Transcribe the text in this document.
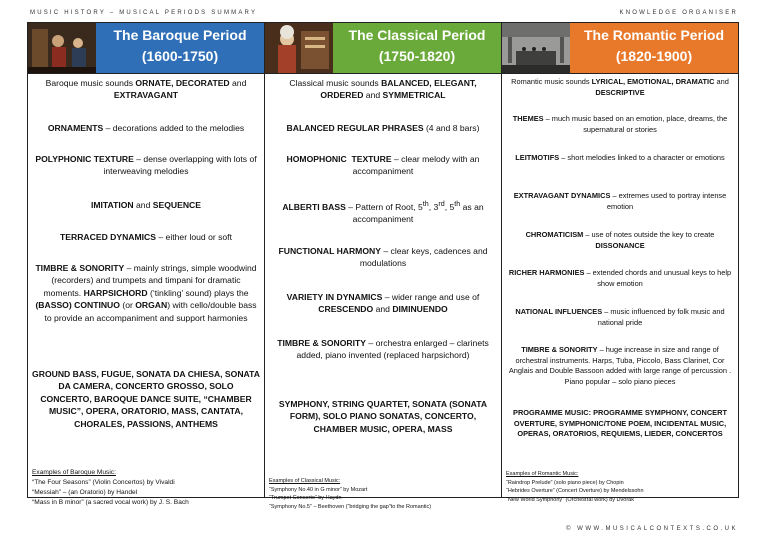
MUSIC HISTORY – MUSICAL PERIODS SUMMARY	KNOWLEDGE ORGANISER
The Baroque Period
(1600-1750)
Baroque music sounds ORNATE, DECORATED and EXTRAVAGANT
ORNAMENTS – decorations added to the melodies
POLYPHONIC TEXTURE – dense overlapping with lots of interweaving melodies
IMITATION and SEQUENCE
TERRACED DYNAMICS – either loud or soft
TIMBRE & SONORITY – mainly strings, simple woodwind (recorders) and trumpets and timpani for dramatic moments. HARPSICHORD (‘tinkling’ sound) plays the (BASSO) CONTINUO (or ORGAN) with cello/double bass to provide an accompaniment and support harmonies
GROUND BASS, FUGUE, SONATA DA CHIESA, SONATA DA CAMERA, CONCERTO GROSSO, SOLO CONCERTO, BAROQUE DANCE SUITE, “CHAMBER MUSIC”, OPERA, ORATORIO, MASS, CANTATA, CHORALES, PASSIONS, ANTHEMS
Examples of Baroque Music:
“The Four Seasons” (Violin Concertos) by Vivaldi
“Messiah” – (an Oratorio) by Handel
“Mass in B minor” (a sacred vocal work) by J. S. Bach
The Classical Period
(1750-1820)
Classical music sounds BALANCED, ELEGANT, ORDERED and SYMMETRICAL
BALANCED REGULAR PHRASES (4 and 8 bars)
HOMOPHONIC  TEXTURE – clear melody with an accompaniment
ALBERTI BASS – Pattern of Root, 5th, 3rd, 5th as an accompaniment
FUNCTIONAL HARMONY – clear keys, cadences and modulations
VARIETY IN DYNAMICS – wider range and use of CRESCENDO and DIMINUENDO
TIMBRE & SONORITY – orchestra enlarged – clarinets added, piano invented (replaced harpsichord)
SYMPHONY, STRING QUARTET, SONATA (SONATA FORM), SOLO PIANO SONATAS, CONCERTO, CHAMBER MUSIC, OPERA, MASS
Examples of Classical Music:
“Symphony No.40 in G minor” by Mozart
“Trumpet Concerto” by Haydn
“Symphony No.5” – Beethoven (“bridging the gap”to the Romantic)
The Romantic Period
(1820-1900)
Romantic music sounds LYRICAL, EMOTIONAL, DRAMATIC and DESCRIPTIVE
THEMES – much music based on an emotion, place, dreams, the supernatural or stories
LEITMOTIFS – short melodies linked to a character or emotions
EXTRAVAGANT DYNAMICS – extremes used to portray intense emotion
CHROMATICISM – use of notes outside the key to create DISSONANCE
RICHER HARMONIES – extended chords and unusual keys to help show emotion
NATIONAL INFLUENCES – music influenced by folk music and national pride
TIMBRE & SONORITY – huge increase in size and range of orchestral instruments. Harps, Tuba, Piccolo, Bass Clarinet, Cor Anglais and Double Bassoon added with large range of percussion . Piano popular – solo piano pieces
PROGRAMME MUSIC: PROGRAMME SYMPHONY, CONCERT OVERTURE, SYMPHONIC/TONE POEM, INCIDENTAL MUSIC, OPERAS, ORATORIOS, REQUIEMS, LIEDER, CONCERTOS
Examples of Romantic Music:
“Raindrop Prelude” (solo piano piece) by Chopin
“Hebrides Overture” (Concert Overture) by Mendelssohn
“New World Symphony” (Orchestral work) by Dvorák
© WWW.MUSICALCONTEXTS.CO.UK
